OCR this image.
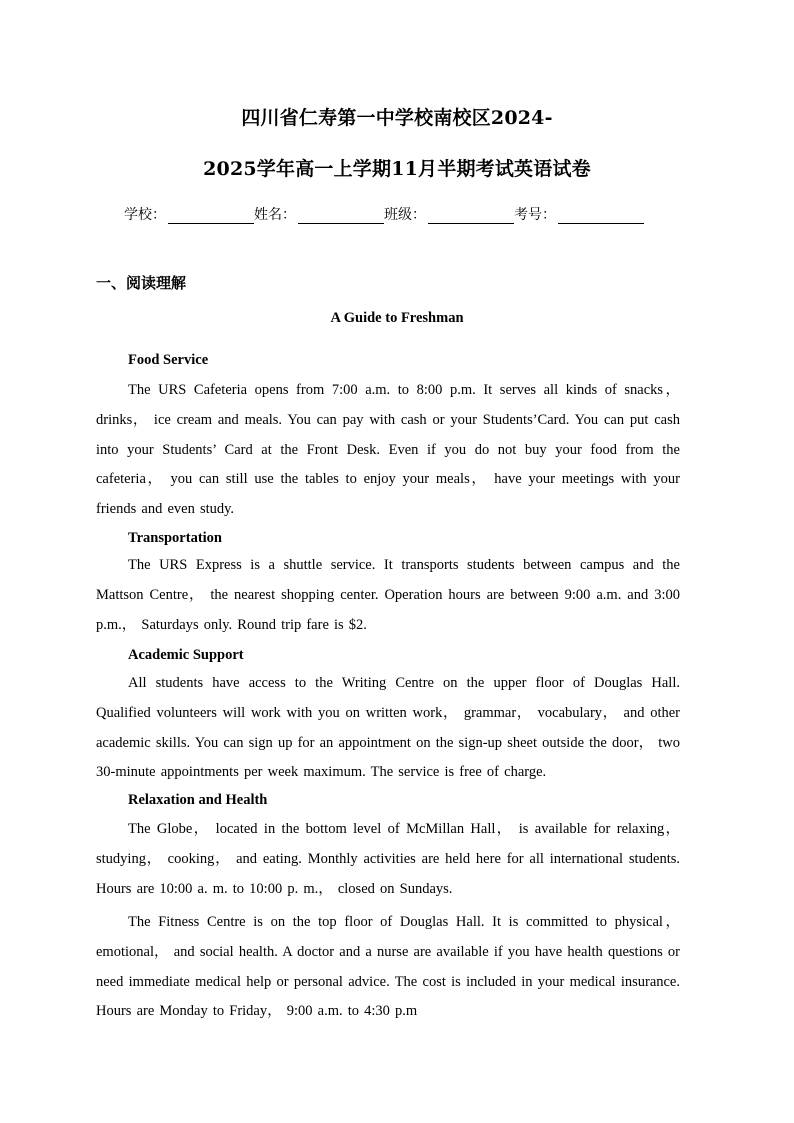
四川省仁寿第一中学校南校区2024-
2025学年高一上学期11月半期考试英语试卷
学校：	姓名：	班级：	考号：
一、阅读理解
A Guide to Freshman
Food Service
The URS Cafeteria opens from 7:00 a.m. to 8:00 p.m. It serves all kinds of snacks， drinks， ice cream and meals. You can pay with cash or your Students’Card. You can put cash into your Students’ Card at the Front Desk. Even if you do not buy your food from the cafeteria， you can still use the tables to enjoy your meals， have your meetings with your friends and even study.
Transportation
The URS Express is a shuttle service. It transports students between campus and the Mattson Centre， the nearest shopping center. Operation hours are between 9:00 a.m. and 3:00 p.m.， Saturdays only. Round trip fare is $2.
Academic Support
All students have access to the Writing Centre on the upper floor of Douglas Hall. Qualified volunteers will work with you on written work， grammar， vocabulary， and other academic skills. You can sign up for an appointment on the sign-up sheet outside the door， two 30-minute appointments per week maximum. The service is free of charge.
Relaxation and Health
The Globe， located in the bottom level of McMillan Hall， is available for relaxing， studying， cooking， and eating. Monthly activities are held here for all international students. Hours are 10:00 a. m. to 10:00 p. m.， closed on Sundays.
The Fitness Centre is on the top floor of Douglas Hall. It is committed to physical， emotional， and social health. A doctor and a nurse are available if you have health questions or need immediate medical help or personal advice. The cost is included in your medical insurance. Hours are Monday to Friday， 9:00 a.m. to 4:30 p.m
